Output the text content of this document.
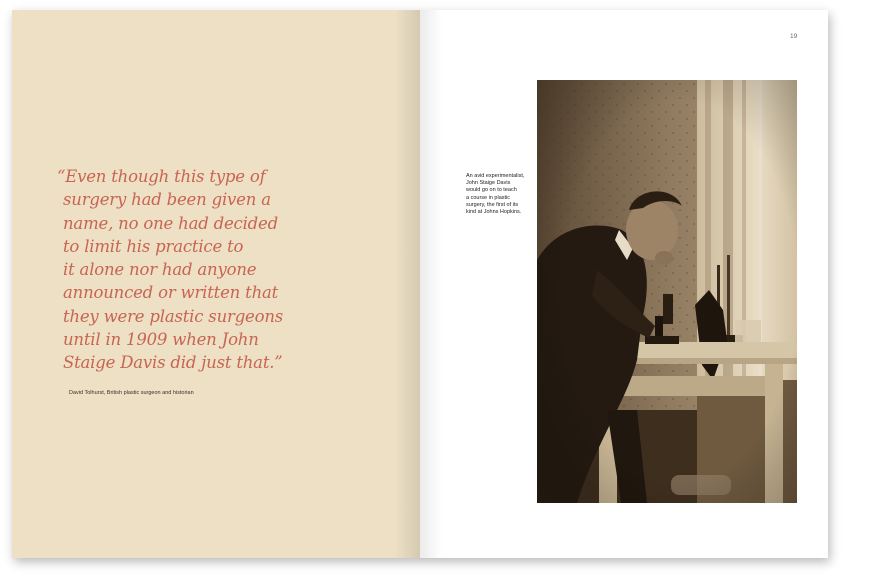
“Even though this type of
surgery had been given a
name, no one had decided
to limit his practice to
it alone nor had anyone
announced or written that
they were plastic surgeons
until in 1909 when John
Staige Davis did just that.”

David Tolhurst, British plastic surgeon and historian
19
An avid experimentalist,
John Staige Davis
would go on to teach
a course in plastic
surgery, the first of its
kind at Johns Hopkins.
